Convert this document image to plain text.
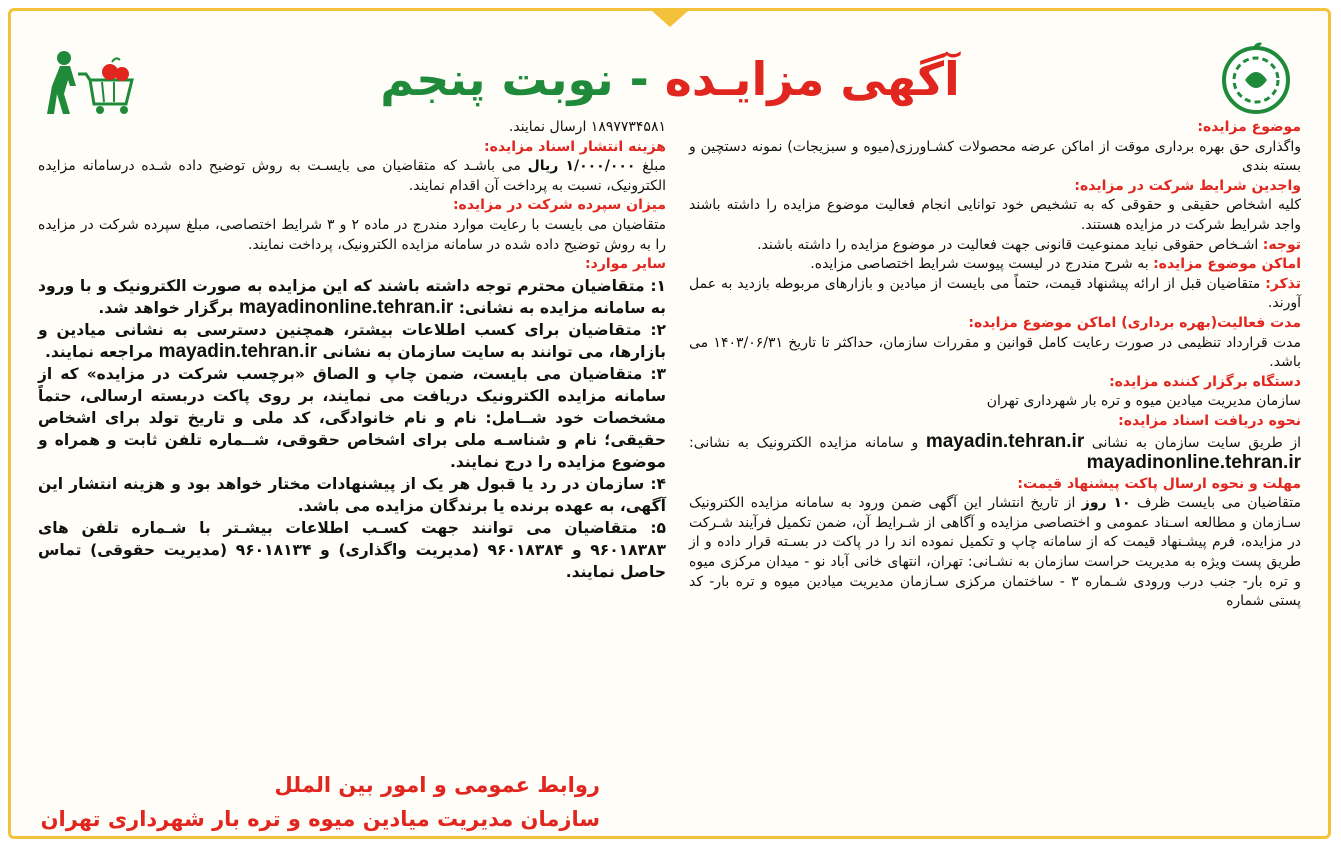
آگهی مزایـده - نوبت پنجم
موضوع مزایده:
واگذاری حق بهره برداری موقت از اماکن عرضه محصولات کشـاورزی(میوه و سبزیجات) نمونه دستچین و بسته بندی
واجدین شرایط شرکت در مزایده:
کلیه اشخاص حقیقی و حقوقی که به تشخیص خود توانایی انجام فعالیت موضوع مزایده را داشته باشند واجد شرایط شرکت در مزایده هستند.
توجه: اشـخاص حقوقی نباید ممنوعیت قانونی جهت فعالیت در موضوع مزایده را داشته باشند.
اماکن موضوع مزایده: به شرح مندرج در لیست پیوست شرایط اختصاصی مزایده.
تذکر: متقاضیان قبل از ارائه پیشنهاد قیمت، حتماً می بایست از میادین و بازارهای مربوطه بازدید به عمل آورند.
مدت فعالیت(بهره برداری) اماکن موضوع مزایده:
مدت قرارداد تنظیمی در صورت رعایت کامل قوانین و مقررات سازمان، حداکثر تا تاریخ ۱۴۰۳/۰۶/۳۱ می باشد.
دستگاه برگزار کننده مزایده:
سازمان مدیریت میادین میوه و تره بار شهرداری تهران
نحوه دریافت اسناد مزایده:
از طریق سایت سازمان به نشانی mayadin.tehran.ir و سامانه مزایده الکترونیک به نشانی: mayadinonline.tehran.ir
مهلت و نحوه ارسال پاکت پیشنهاد قیمت:
متقاضیان می بایست ظرف ۱۰ روز از تاریخ انتشار این آگهی ضمن ورود به سامانه مزایده الکترونیک سـازمان و مطالعه اسـناد عمومی و اختصاصی مزایده و آگاهی از شـرایط آن، ضمن تکمیل فرآیند شـرکت در مزایده، فرم پیشـنهاد قیمت که از سامانه چاپ و تکمیل نموده اند را در پاکت در بسـته قرار داده و از طریق پست ویژه به مدیریت حراست سازمان به نشـانی: تهران، انتهای خانی آباد نو - میدان مرکزی میوه و تره بار- جنب درب ورودی شـماره ۳ - ساختمان مرکزی سـازمان مدیریت میادین میوه و تره بار- کد پستی شماره
۱۸۹۷۷۳۴۵۸۱ ارسال نمایند.
هزینه انتشار اسناد مزایده:
مبلغ ۱/۰۰۰/۰۰۰ ریال می باشـد که متقاضیان می بایسـت به روش توضیح داده شـده درسامانه مزایده الکترونیک، نسبت به پرداخت آن اقدام نمایند.
میزان سپرده شرکت در مزایده:
متقاضیان می بایست با رعایت موارد مندرج در ماده ۲ و ۳ شرایط اختصاصی، مبلغ سپرده شرکت در مزایده را به روش توضیح داده شده در سامانه مزایده الکترونیک، پرداخت نمایند.
سایر موارد:
۱: متقاضیان محترم توجه داشته باشند که این مزایده به صورت الکترونیک و با ورود به سامانه مزایده به نشانی: mayadinonline.tehran.ir برگزار خواهد شد.
۲: متقاضیان برای کسب اطلاعات بیشتر، همچنین دسترسی به نشانی میادین و بازارها، می توانند به سایت سازمان به نشانی mayadin.tehran.ir مراجعه نمایند.
۳: متقاضیان می بایست، ضمن چاپ و الصاق «برچسب شرکت در مزایده» که از سامانه مزایده الکترونیک دریافت می نمایند، بر روی پاکت دربسته ارسالی، حتماً مشخصات خود شــامل: نام و نام خانوادگی، کد ملی و تاریخ تولد برای اشخاص حقیقی؛ نام و شناسـه ملی برای اشخاص حقوقی، شــماره تلفن ثابت و همراه و موضوع مزایده را درج نمایند.
۴: سازمان در رد یا قبول هر یک از پیشنهادات مختار خواهد بود و هزینه انتشار این آگهی، به عهده برنده یا برندگان مزایده می باشد.
۵: متقاضیان می توانند جهت کسـب اطلاعات بیشـتر با شـماره تلفن های ۹۶۰۱۸۳۸۳ و ۹۶۰۱۸۳۸۴ (مدیریت واگذاری) و ۹۶۰۱۸۱۳۴ (مدیریت حقوقی) تماس حاصل نمایند.
روابط عمومی و امور بین الملل
سازمان مدیریت میادین میوه و تره بار شهرداری تهران
